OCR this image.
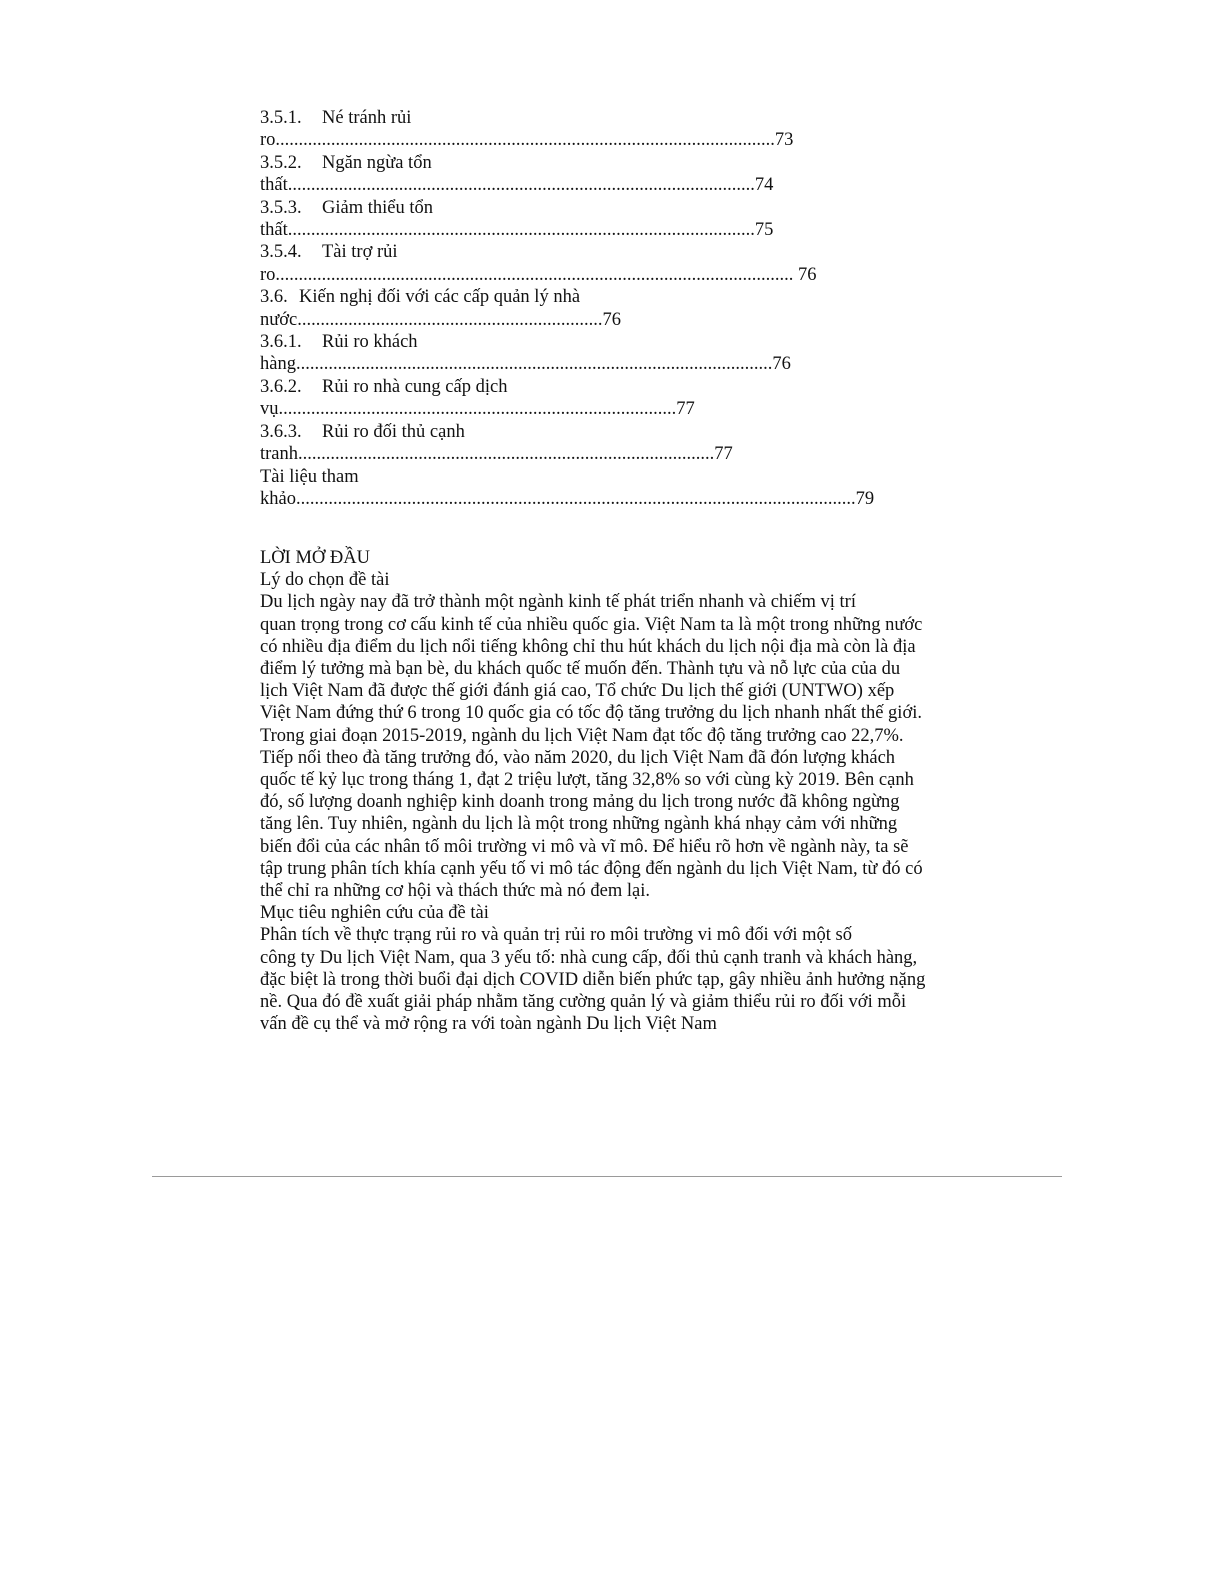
3.5.1. Né tránh rủi
ro............................................................................................................73
3.5.2. Ngăn ngừa tổn
thất.....................................................................................................74
3.5.3. Giảm thiểu tổn
thất.....................................................................................................75
3.5.4. Tài trợ rủi
ro................................................................................................................ 76
3.6. Kiến nghị đối với các cấp quản lý nhà
nước..................................................................76
3.6.1. Rủi ro khách
hàng.......................................................................................................76
3.6.2. Rủi ro nhà cung cấp dịch
vụ......................................................................................77
3.6.3. Rủi ro đối thủ cạnh
tranh..........................................................................................77
Tài liệu tham
khảo.........................................................................................................................79
LỜI MỞ ĐẦU
Lý do chọn đề tài
Du lịch ngày nay đã trở thành một ngành kinh tế phát triển nhanh và chiếm vị trí
quan trọng trong cơ cấu kinh tế của nhiều quốc gia. Việt Nam ta là một trong những nước
có nhiều địa điểm du lịch nổi tiếng không chỉ thu hút khách du lịch nội địa mà còn là địa
điểm lý tưởng mà bạn bè, du khách quốc tế muốn đến. Thành tựu và nỗ lực của của du
lịch Việt Nam đã được thế giới đánh giá cao, Tổ chức Du lịch thế giới (UNTWO) xếp
Việt Nam đứng thứ 6 trong 10 quốc gia có tốc độ tăng trưởng du lịch nhanh nhất thế giới.
Trong giai đoạn 2015-2019, ngành du lịch Việt Nam đạt tốc độ tăng trưởng cao 22,7%.
Tiếp nối theo đà tăng trưởng đó, vào năm 2020, du lịch Việt Nam đã đón lượng khách
quốc tế kỷ lục trong tháng 1, đạt 2 triệu lượt, tăng 32,8% so với cùng kỳ 2019. Bên cạnh
đó, số lượng doanh nghiệp kinh doanh trong mảng du lịch trong nước đã không ngừng
tăng lên. Tuy nhiên, ngành du lịch là một trong những ngành khá nhạy cảm với những
biến đổi của các nhân tố môi trường vi mô và vĩ mô. Để hiểu rõ hơn về ngành này, ta sẽ
tập trung phân tích khía cạnh yếu tố vi mô tác động đến ngành du lịch Việt Nam, từ đó có
thể chỉ ra những cơ hội và thách thức mà nó đem lại.
Mục tiêu nghiên cứu của đề tài
Phân tích về thực trạng rủi ro và quản trị rủi ro môi trường vi mô đối với một số
công ty Du lịch Việt Nam, qua 3 yếu tố: nhà cung cấp, đối thủ cạnh tranh và khách hàng,
đặc biệt là trong thời buổi đại dịch COVID diễn biến phức tạp, gây nhiều ảnh hưởng nặng
nề. Qua đó đề xuất giải pháp nhằm tăng cường quản lý và giảm thiểu rủi ro đối với mỗi
vấn đề cụ thể và mở rộng ra với toàn ngành Du lịch Việt Nam
